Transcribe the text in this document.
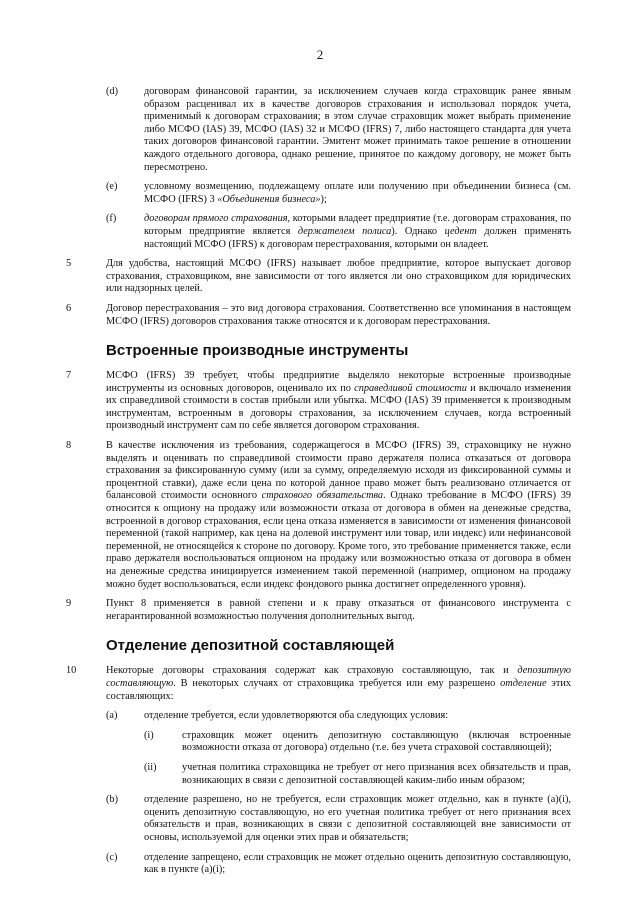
2
(d)	договорам финансовой гарантии, за исключением случаев когда страховщик ранее явным образом расценивал их в качестве договоров страхования и использовал порядок учета, применимый к договорам страхования; в этом случае страховщик может выбрать применение либо МСФО (IAS) 39, МСФО (IAS) 32 и МСФО (IFRS) 7, либо настоящего стандарта для учета таких договоров финансовой гарантии. Эмитент может принимать такое решение в отношении каждого отдельного договора, однако решение, принятое по каждому договору, не может быть пересмотрено.
(e)	условному возмещению, подлежащему оплате или получению при объединении бизнеса (см. МСФО (IFRS) 3 «Объединения бизнеса»);
(f)	договорам прямого страхования, которыми владеет предприятие (т.е. договорам страхования, по которым предприятие является держателем полиса). Однако цедент должен применять настоящий МСФО (IFRS) к договорам перестрахования, которыми он владеет.
5	Для удобства, настоящий МСФО (IFRS) называет любое предприятие, которое выпускает договор страхования, страховщиком, вне зависимости от того является ли оно страховщиком для юридических или надзорных целей.
6	Договор перестрахования – это вид договора страхования. Соответственно все упоминания в настоящем МСФО (IFRS) договоров страхования также относятся и к договорам перестрахования.
Встроенные производные инструменты
7	МСФО (IFRS) 39 требует, чтобы предприятие выделяло некоторые встроенные производные инструменты из основных договоров, оценивало их по справедливой стоимости и включало изменения их справедливой стоимости в состав прибыли или убытка. МСФО (IAS) 39 применяется к производным инструментам, встроенным в договоры страхования, за исключением случаев, когда встроенный производный инструмент сам по себе является договором страхования.
8	В качестве исключения из требования, содержащегося в МСФО (IFRS) 39, страховщику не нужно выделять и оценивать по справедливой стоимости право держателя полиса отказаться от договора страхования за фиксированную сумму (или за сумму, определяемую исходя из фиксированной суммы и процентной ставки), даже если цена по которой данное право может быть реализовано отличается от балансовой стоимости основного страхового обязательства. Однако требование в МСФО (IFRS) 39 относится к опциону на продажу или возможности отказа от договора в обмен на денежные средства, встроенной в договор страхования, если цена отказа изменяется в зависимости от изменения финансовой переменной (такой например, как цена на долевой инструмент или товар, или индекс) или нефинансовой переменной, не относящейся к стороне по договору. Кроме того, это требование применяется также, если право держателя воспользоваться опционом на продажу или возможностью отказа от договора в обмен на денежные средства инициируется изменением такой переменной (например, опционом на продажу можно будет воспользоваться, если индекс фондового рынка достигнет определенного уровня).
9	Пункт 8 применяется в равной степени и к праву отказаться от финансового инструмента с негарантированной возможностью получения дополнительных выгод.
Отделение депозитной составляющей
10	Некоторые договоры страхования содержат как страховую составляющую, так и депозитную составляющую. В некоторых случаях от страховщика требуется или ему разрешено отделение этих составляющих:
(a)	отделение требуется, если удовлетворяются оба следующих условия:
(i)	страховщик может оценить депозитную составляющую (включая встроенные возможности отказа от договора) отдельно (т.е. без учета страховой составляющей);
(ii)	учетная политика страховщика не требует от него признания всех обязательств и прав, возникающих в связи с депозитной составляющей каким-либо иным образом;
(b)	отделение разрешено, но не требуется, если страховщик может отдельно, как в пункте (a)(i), оценить депозитную составляющую, но его учетная политика требует от него признания всех обязательств и прав, возникающих в связи с депозитной составляющей вне зависимости от основы, используемой для оценки этих прав и обязательств;
(c)	отделение запрещено, если страховщик не может отдельно оценить депозитную составляющую, как в пункте (a)(i);
